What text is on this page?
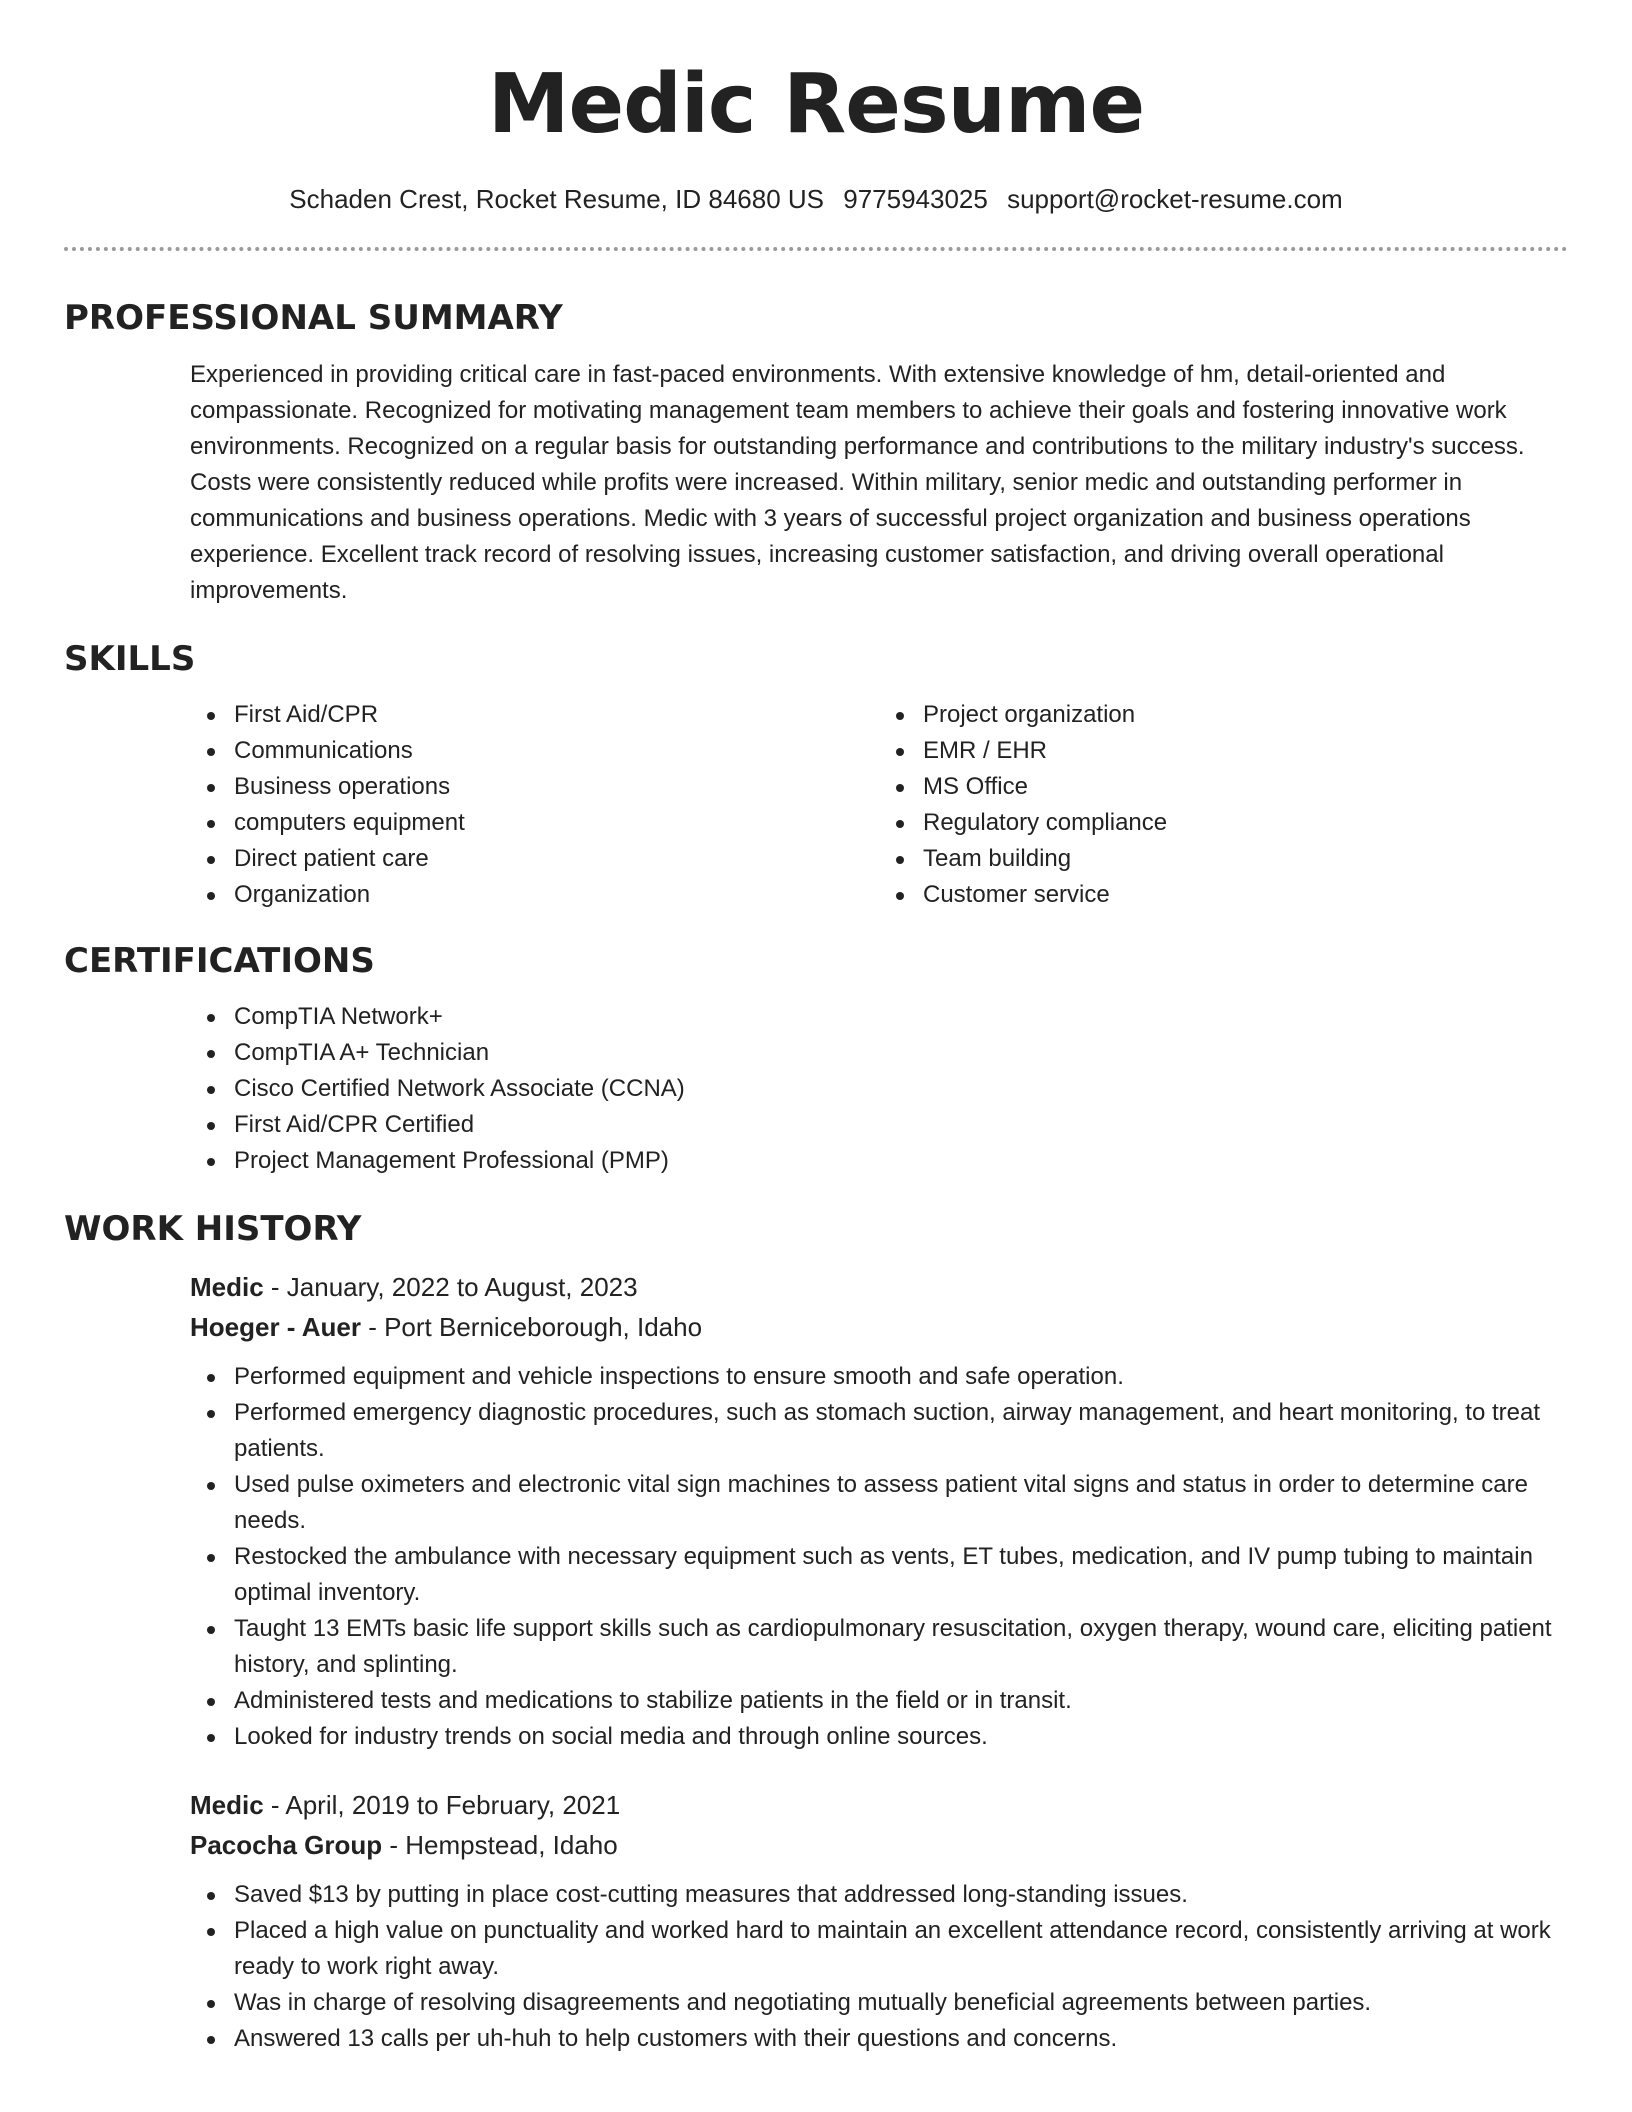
Medic Resume
Schaden Crest, Rocket Resume, ID 84680 US 9775943025 support@rocket-resume.com
PROFESSIONAL SUMMARY

Experienced in providing critical care in fast-paced environments. With extensive knowledge of hm, detail-oriented and compassionate. Recognized for motivating management team members to achieve their goals and fostering innovative work environments. Recognized on a regular basis for outstanding performance and contributions to the military industry's success. Costs were consistently reduced while profits were increased. Within military, senior medic and outstanding performer in communications and business operations. Medic with 3 years of successful project organization and business operations experience. Excellent track record of resolving issues, increasing customer satisfaction, and driving overall operational improvements.

SKILLS
First Aid/CPR
Communications
Business operations
computers equipment
Direct patient care
Organization
Project organization
EMR / EHR
MS Office
Regulatory compliance
Team building
Customer service
CERTIFICATIONS
CompTIA Network+
CompTIA A+ Technician
Cisco Certified Network Associate (CCNA)
First Aid/CPR Certified
Project Management Professional (PMP)
WORK HISTORY
Medic - January, 2022 to August, 2023
Hoeger - Auer - Port Berniceborough, Idaho
Performed equipment and vehicle inspections to ensure smooth and safe operation.
Performed emergency diagnostic procedures, such as stomach suction, airway management, and heart monitoring, to treat patients.
Used pulse oximeters and electronic vital sign machines to assess patient vital signs and status in order to determine care needs.
Restocked the ambulance with necessary equipment such as vents, ET tubes, medication, and IV pump tubing to maintain optimal inventory.
Taught 13 EMTs basic life support skills such as cardiopulmonary resuscitation, oxygen therapy, wound care, eliciting patient history, and splinting.
Administered tests and medications to stabilize patients in the field or in transit.
Looked for industry trends on social media and through online sources.
Medic - April, 2019 to February, 2021
Pacocha Group - Hempstead, Idaho
Saved $13 by putting in place cost-cutting measures that addressed long-standing issues.
Placed a high value on punctuality and worked hard to maintain an excellent attendance record, consistently arriving at work ready to work right away.
Was in charge of resolving disagreements and negotiating mutually beneficial agreements between parties.
Answered 13 calls per uh-huh to help customers with their questions and concerns.
